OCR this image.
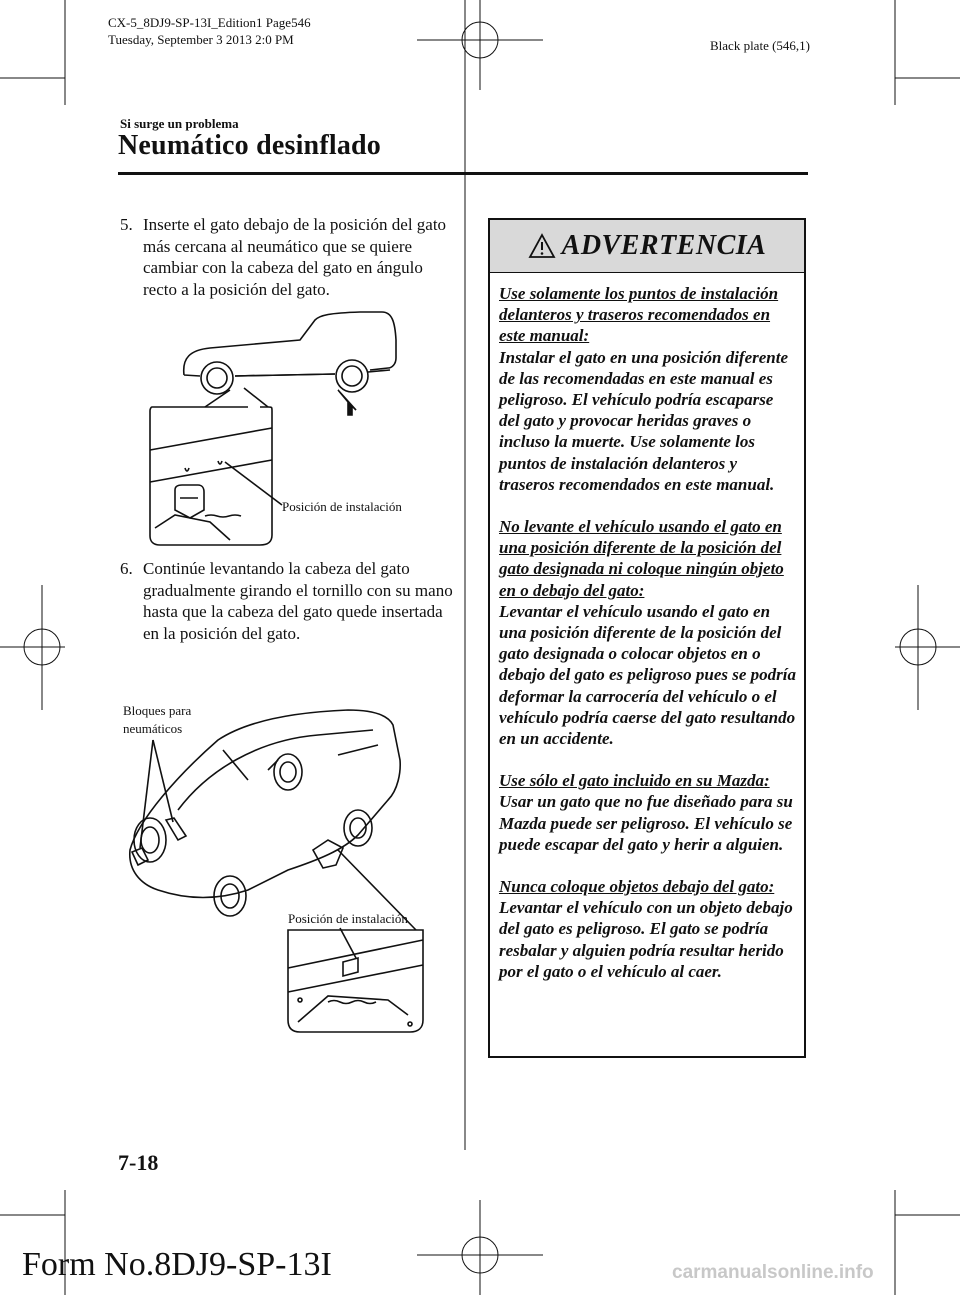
CX-5_8DJ9-SP-13I_Edition1 Page546
Tuesday, September 3 2013 2:0 PM	Black plate (546,1)
Si surge un problema
Neumático desinflado
5. Inserte el gato debajo de la posición del gato más cercana al neumático que se quiere cambiar con la cabeza del gato en ángulo recto a la posición del gato.
Posición de instalación
6. Continúe levantando la cabeza del gato gradualmente girando el tornillo con su mano hasta que la cabeza del gato quede insertada en la posición del gato.
Bloques para
neumáticos
Posición de instalación
ADVERTENCIA

Use solamente los puntos de instalación delanteros y traseros recomendados en este manual:
Instalar el gato en una posición diferente de las recomendadas en este manual es peligroso. El vehículo podría escaparse del gato y provocar heridas graves o incluso la muerte. Use solamente los puntos de instalación delanteros y traseros recomendados en este manual.

No levante el vehículo usando el gato en una posición diferente de la posición del gato designada ni coloque ningún objeto en o debajo del gato:
Levantar el vehículo usando el gato en una posición diferente de la posición del gato designada o colocar objetos en o debajo del gato es peligroso pues se podría deformar la carrocería del vehículo o el vehículo podría caerse del gato resultando en un accidente.

Use sólo el gato incluido en su Mazda:
Usar un gato que no fue diseñado para su Mazda puede ser peligroso. El vehículo se puede escapar del gato y herir a alguien.

Nunca coloque objetos debajo del gato:
Levantar el vehículo con un objeto debajo del gato es peligroso. El gato se podría resbalar y alguien podría resultar herido por el gato o el vehículo al caer.

7-18
Form No.8DJ9-SP-13I	carmanualsonline.info
